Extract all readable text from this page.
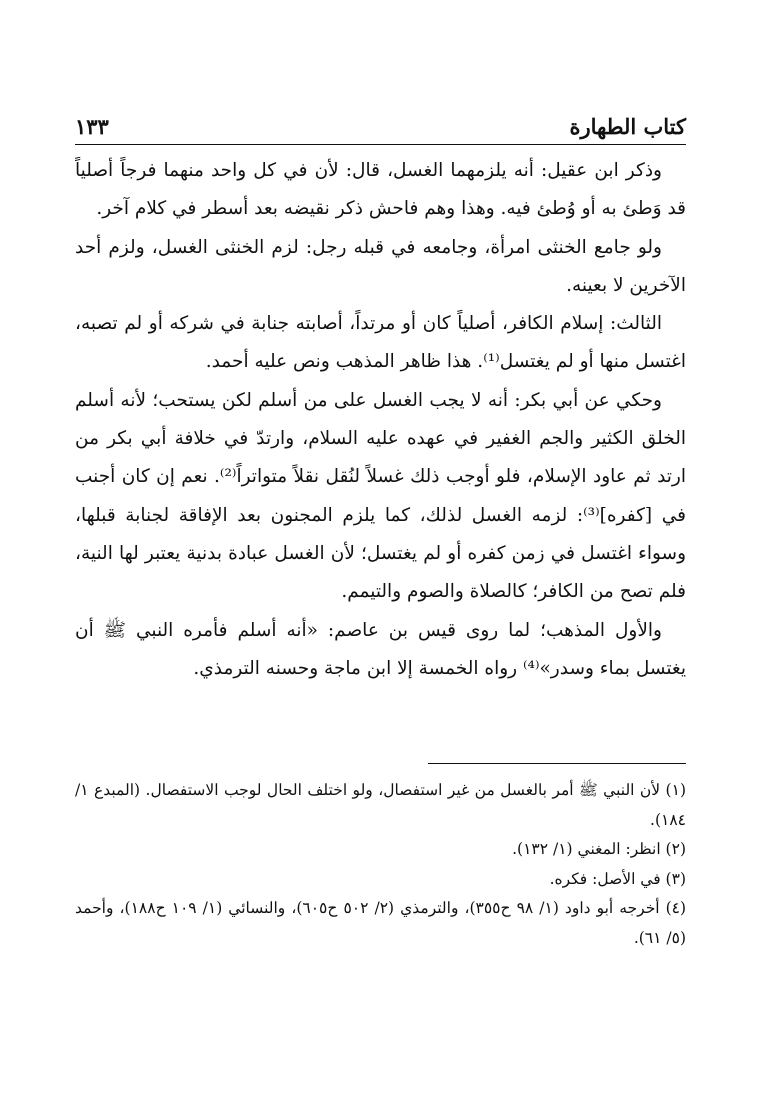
كتاب الطهارة
١٣٣

وذكر ابن عقيل: أنه يلزمهما الغسل، قال: لأن في كل واحد منهما فرجاً أصلياً قد وَطئ به أو وُطئ فيه. وهذا وهم فاحش ذكر نقيضه بعد أسطر في كلام آخر.

ولو جامع الخنثى امرأة، وجامعه في قبله رجل: لزم الخنثى الغسل، ولزم أحد الآخرين لا بعينه.

الثالث: إسلام الكافر، أصلياً كان أو مرتداً، أصابته جنابة في شركه أو لم تصبه، اغتسل منها أو لم يغتسل⁽¹⁾. هذا ظاهر المذهب ونص عليه أحمد.

وحكي عن أبي بكر: أنه لا يجب الغسل على من أسلم لكن يستحب؛ لأنه أسلم الخلق الكثير والجم الغفير في عهده عليه السلام، وارتدّ في خلافة أبي بكر من ارتد ثم عاود الإسلام، فلو أوجب ذلك غسلاً لنُقل نقلاً متواتراً⁽²⁾. نعم إن كان أجنب في [كفره]⁽³⁾: لزمه الغسل لذلك، كما يلزم المجنون بعد الإفاقة لجنابة قبلها، وسواء اغتسل في زمن كفره أو لم يغتسل؛ لأن الغسل عبادة بدنية يعتبر لها النية، فلم تصح من الكافر؛ كالصلاة والصوم والتيمم.

والأول المذهب؛ لما روى قيس بن عاصم: «أنه أسلم فأمره النبي ﷺ أن يغتسل بماء وسدر»⁽⁴⁾ رواه الخمسة إلا ابن ماجة وحسنه الترمذي.

(١) لأن النبي ﷺ أمر بالغسل من غير استفصال، ولو اختلف الحال لوجب الاستفصال. (المبدع ١/ ١٨٤).

(٢) انظر: المغني (١/ ١٣٢).

(٣) في الأصل: فكره.

(٤) أخرجه أبو داود (١/ ٩٨ ح٣٥٥)، والترمذي (٢/ ٥٠٢ ح٦٠٥)، والنسائي (١/ ١٠٩ ح١٨٨)، وأحمد (٥/ ٦١).
